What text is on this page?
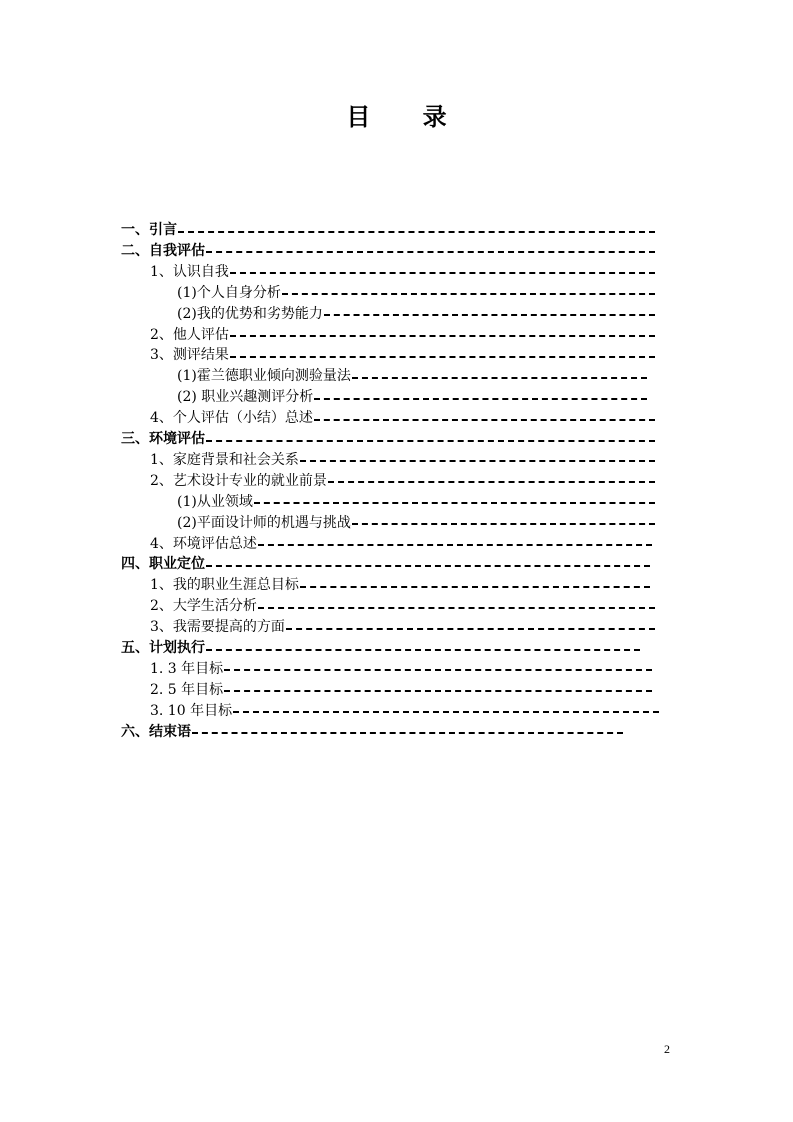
目 录
一、引言
二、自我评估
1、认识自我
(1)个人自身分析
(2)我的优势和劣势能力
2、他人评估
3、测评结果
(1)霍兰德职业倾向测验量法
(2) 职业兴趣测评分析
4、个人评估（小结）总述
三、环境评估
1、家庭背景和社会关系
2、艺术设计专业的就业前景
(1)从业领域
(2)平面设计师的机遇与挑战
4、环境评估总述
四、职业定位
1、我的职业生涯总目标
2、大学生活分析
3、我需要提高的方面
五、计划执行
1. 3 年目标
2. 5 年目标
3. 10 年目标
六、结束语
2
